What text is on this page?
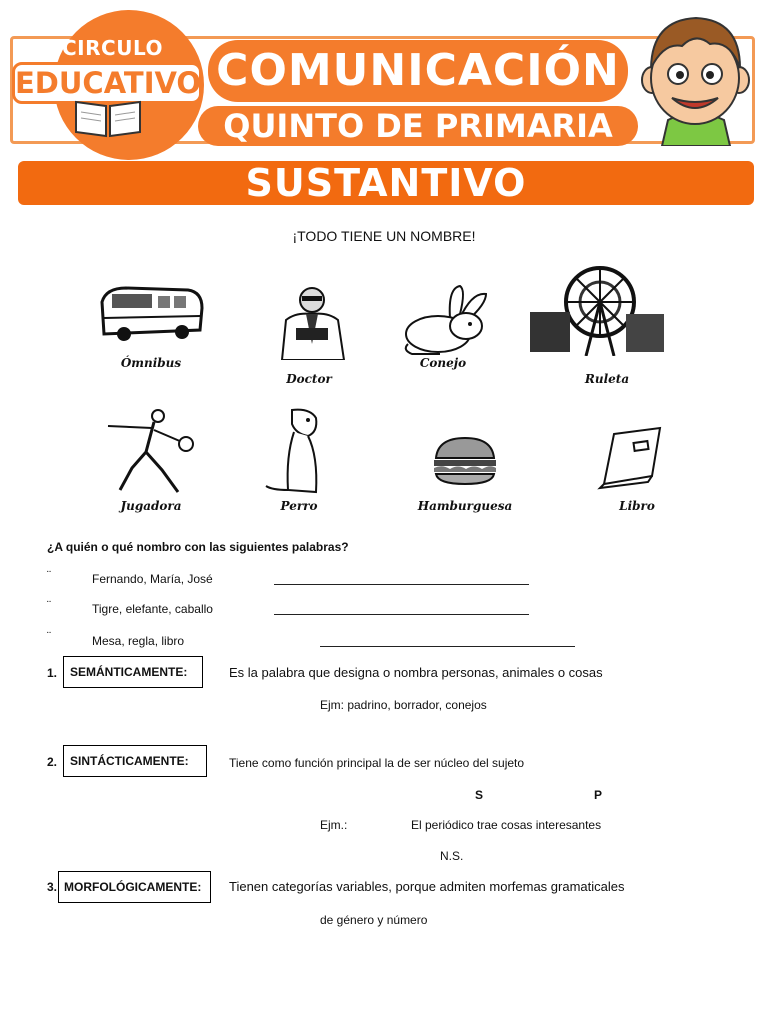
CIRCULO
EDUCATIVO COMUNICACIÓN
QUINTO DE PRIMARIA
SUSTANTIVO
¡TODO TIENE UN NOMBRE!
Ómnibus
Doctor
Conejo
Ruleta
Jugadora	Perro	Hamburguesa	Libro
¿A quién o qué nombro con las siguientes palabras?
¨	Fernando, María, José
¨	Tigre, elefante, caballo
¨	Mesa, regla, libro
1.	SEMÁNTICAMENTE:	Es la palabra que designa o nombra personas, animales o cosas
Ejm: padrino, borrador, conejos
2.	SINTÁCTICAMENTE:	Tiene como función principal la de ser núcleo del sujeto
S	P
Ejm.:	El periódico trae cosas interesantes
N.S.
3. MORFOLÓGICAMENTE:	Tienen categorías variables, porque admiten morfemas gramaticales
de género y número
